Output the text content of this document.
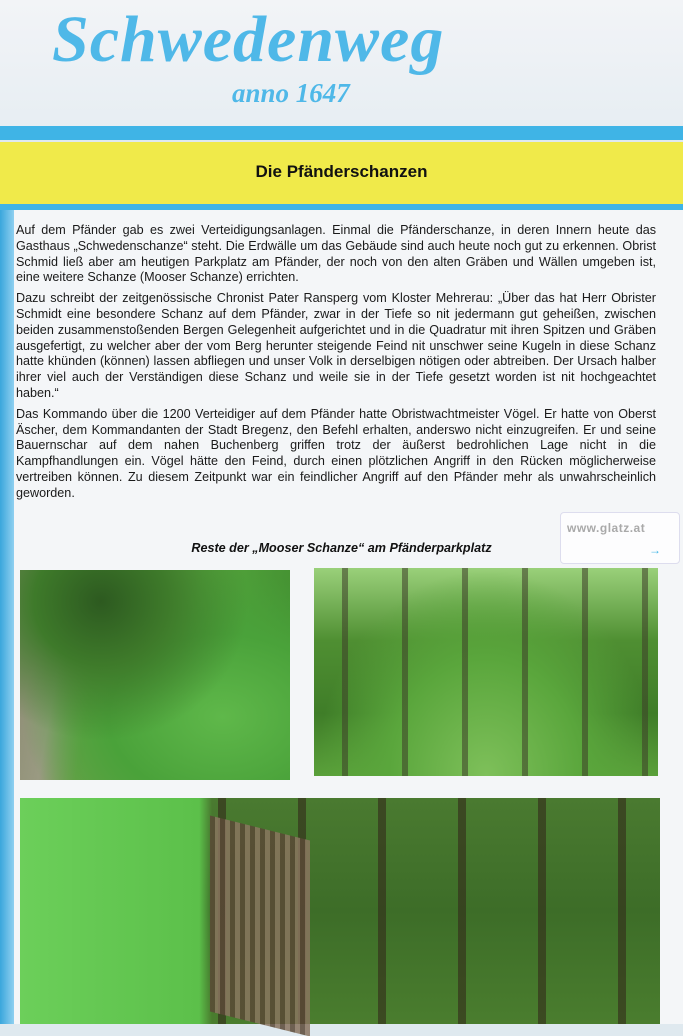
Schwedenweg
anno 1647
Die Pfänderschanzen

Auf dem Pfänder gab es zwei Verteidigungsanlagen. Einmal die Pfänderschanze, in deren Innern heute das Gasthaus „Schwedenschanze“ steht. Die Erdwälle um das Gebäude sind auch heute noch gut zu erkennen. Obrist Schmid ließ aber am heutigen Parkplatz am Pfänder, der noch von den alten Gräben und Wällen umgeben ist, eine weitere Schanze (Mooser Schanze) errichten.

Dazu schreibt der zeitgenössische Chronist Pater Ransperg vom Kloster Mehrerau: „Über das hat Herr Obrister Schmidt eine besondere Schanz auf dem Pfänder, zwar in der Tiefe so nit jedermann gut geheißen, zwischen beiden zusammenstoßenden Bergen Gelegenheit aufgerichtet und in die Quadratur mit ihren Spitzen und Gräben ausgefertigt, zu welcher aber der vom Berg herunter steigende Feind nit unschwer seine Kugeln in diese Schanz hatte khünden (können) lassen abfliegen und unser Volk in derselbigen nötigen oder abtreiben. Der Ursach halber ihrer viel auch der Verständigen diese Schanz und weile sie in der Tiefe gesetzt worden ist nit hochgeachtet haben.“

Das Kommando über die 1200 Verteidiger auf dem Pfänder hatte Obristwachtmeister Vögel. Er hatte von Oberst Äscher, dem Kommandanten der Stadt Bregenz, den Befehl erhalten, anderswo nicht einzugreifen. Er und seine Bauernschar auf dem nahen Buchenberg griffen trotz der äußerst bedrohlichen Lage nicht in die Kampfhandlungen ein. Vögel hätte den Feind, durch einen plötzlichen Angriff in den Rücken möglicherweise vertreiben können. Zu diesem Zeitpunkt war ein feindlicher Angriff auf den Pfänder mehr als unwahrscheinlich geworden.

www.glatz.at
→
Reste der „Mooser Schanze“ am Pfänderparkplatz
